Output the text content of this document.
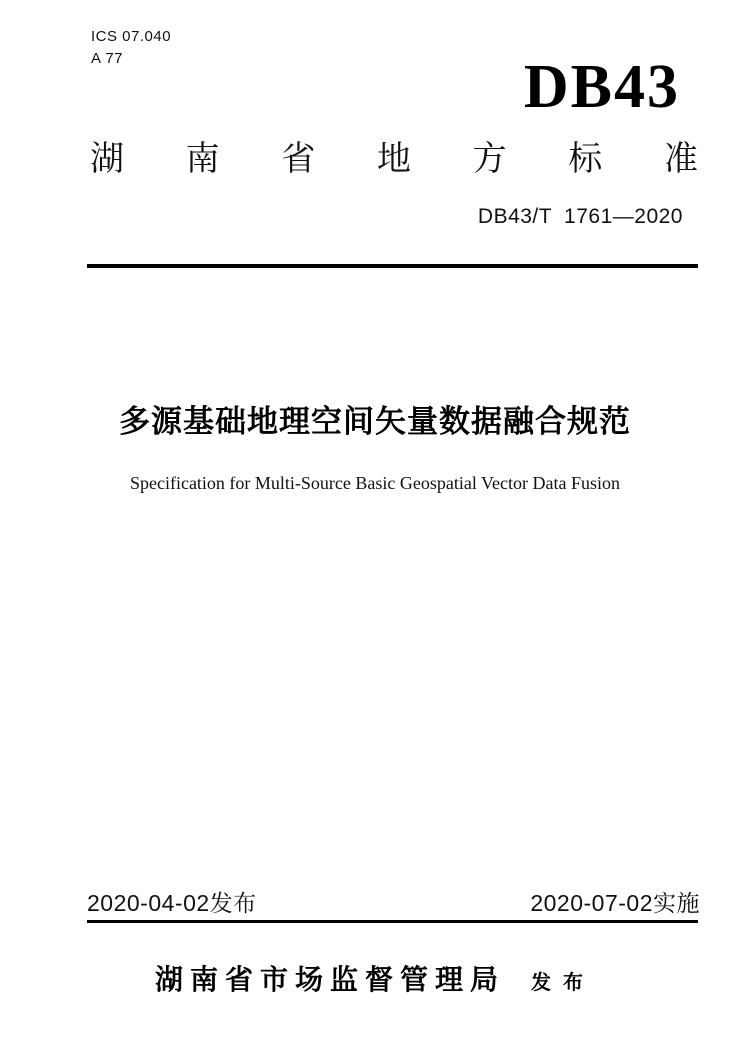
ICS 07.040
A 77	DB43
湖 南 省 地 方 标 准
DB43/T 1761—2020
多源基础地理空间矢量数据融合规范
Specification for Multi-Source Basic Geospatial Vector Data Fusion
2020-04-02发布	2020-07-02实施
湖南省市场监督管理局 发布
